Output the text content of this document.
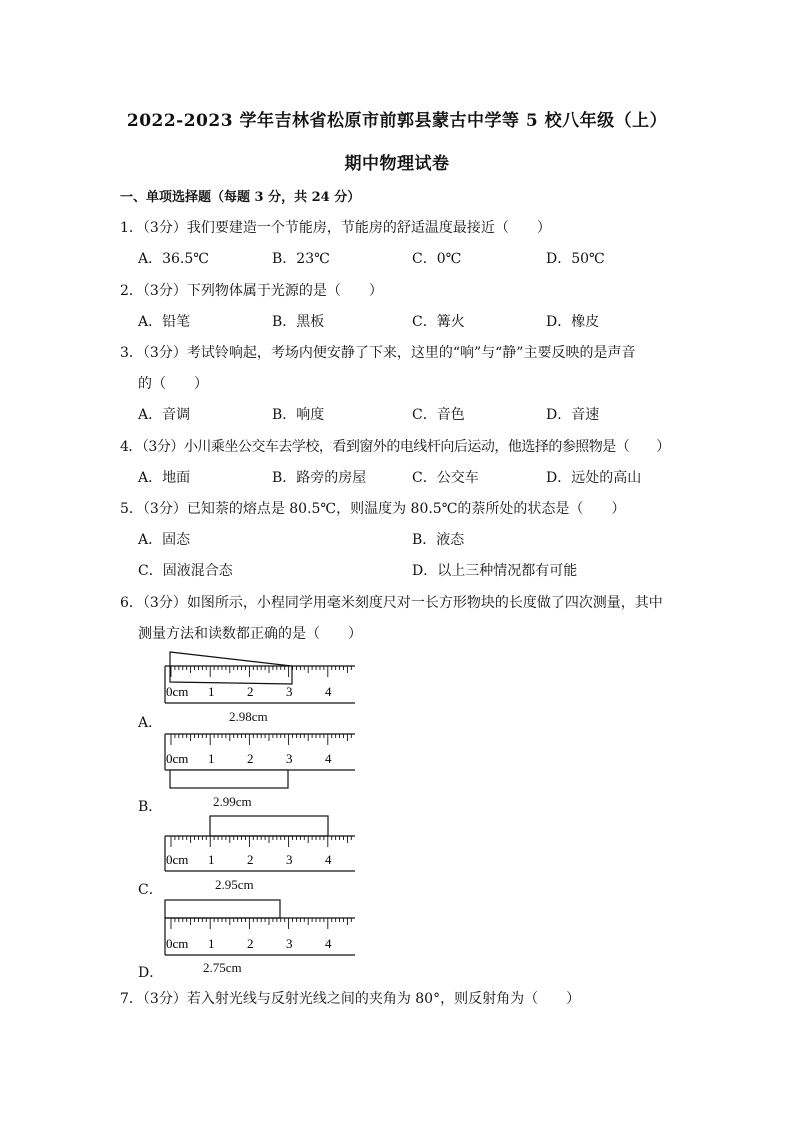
2022-2023 学年吉林省松原市前郭县蒙古中学等 5 校八年级（上）
期中物理试卷
一、单项选择题（每题 3 分，共 24 分）
1．（3分）我们要建造一个节能房，节能房的舒适温度最接近（　　）
A．36.5℃	B．23℃	C．0℃	D．50℃
2．（3分）下列物体属于光源的是（　　）
A．铅笔	B．黑板	C．篝火	D．橡皮
3．（3分）考试铃响起，考场内便安静了下来，这里的“响”与“静”主要反映的是声音
的（　　）
A．音调	B．响度	C．音色	D．音速
4．（3分）小川乘坐公交车去学校，看到窗外的电线杆向后运动，他选择的参照物是（　　）
A．地面	B．路旁的房屋	C．公交车	D．远处的高山
5．（3分）已知萘的熔点是 80.5℃，则温度为 80.5℃的萘所处的状态是（　　）
A．固态	B．液态
C．固液混合态	D．以上三种情况都有可能
6．（3分）如图所示，小程同学用毫米刻度尺对一长方形物块的长度做了四次测量，其中
测量方法和读数都正确的是（　　）
0cm 1	2	3	4
A．	2.98cm
0cm 1	2	3	4
B．	2.99cm
0cm 1	2	3	4
C．	2.95cm
0cm 1	2	3	4
D．	2.75cm
7．（3分）若入射光线与反射光线之间的夹角为 80°，则反射角为（　　）
